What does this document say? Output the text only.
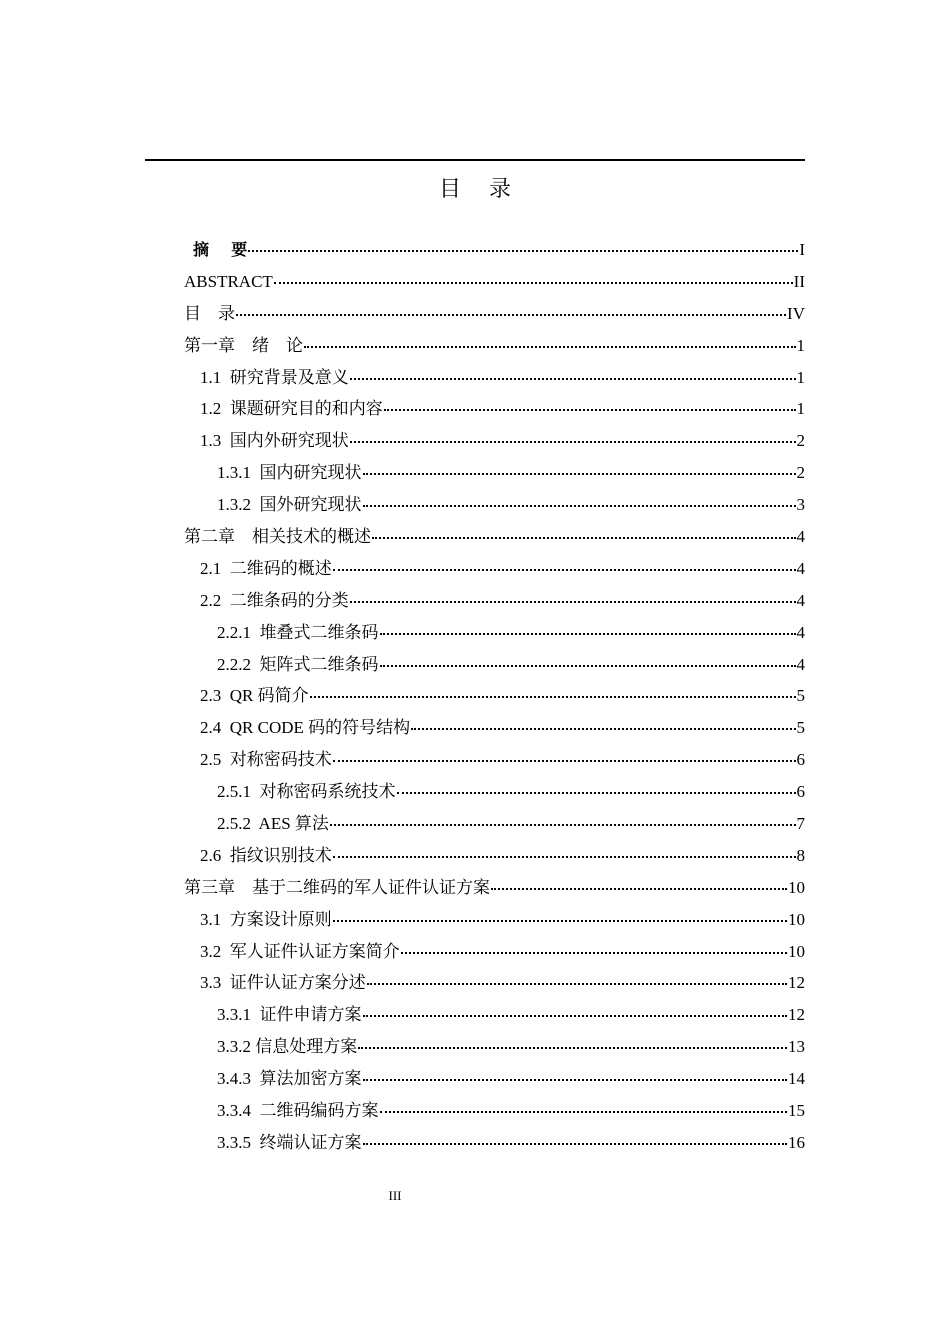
目    录
摘    要	I
ABSTRACT	II
目    录	IV
第一章    绪    论	1
1.1  研究背景及意义	1
1.2  课题研究目的和内容	1
1.3  国内外研究现状	2
1.3.1  国内研究现状	2
1.3.2  国外研究现状	3
第二章    相关技术的概述	4
2.1  二维码的概述	4
2.2  二维条码的分类	4
2.2.1  堆叠式二维条码	4
2.2.2  矩阵式二维条码	4
2.3  QR 码简介	5
2.4  QR CODE 码的符号结构	5
2.5  对称密码技术	6
2.5.1  对称密码系统技术	6
2.5.2  AES 算法	7
2.6  指纹识别技术	8
第三章    基于二维码的军人证件认证方案	10
3.1  方案设计原则	10
3.2  军人证件认证方案简介	10
3.3  证件认证方案分述	12
3.3.1  证件申请方案	12
3.3.2 信息处理方案	13
3.4.3  算法加密方案	14
3.3.4  二维码编码方案	15
3.3.5  终端认证方案	16
III
